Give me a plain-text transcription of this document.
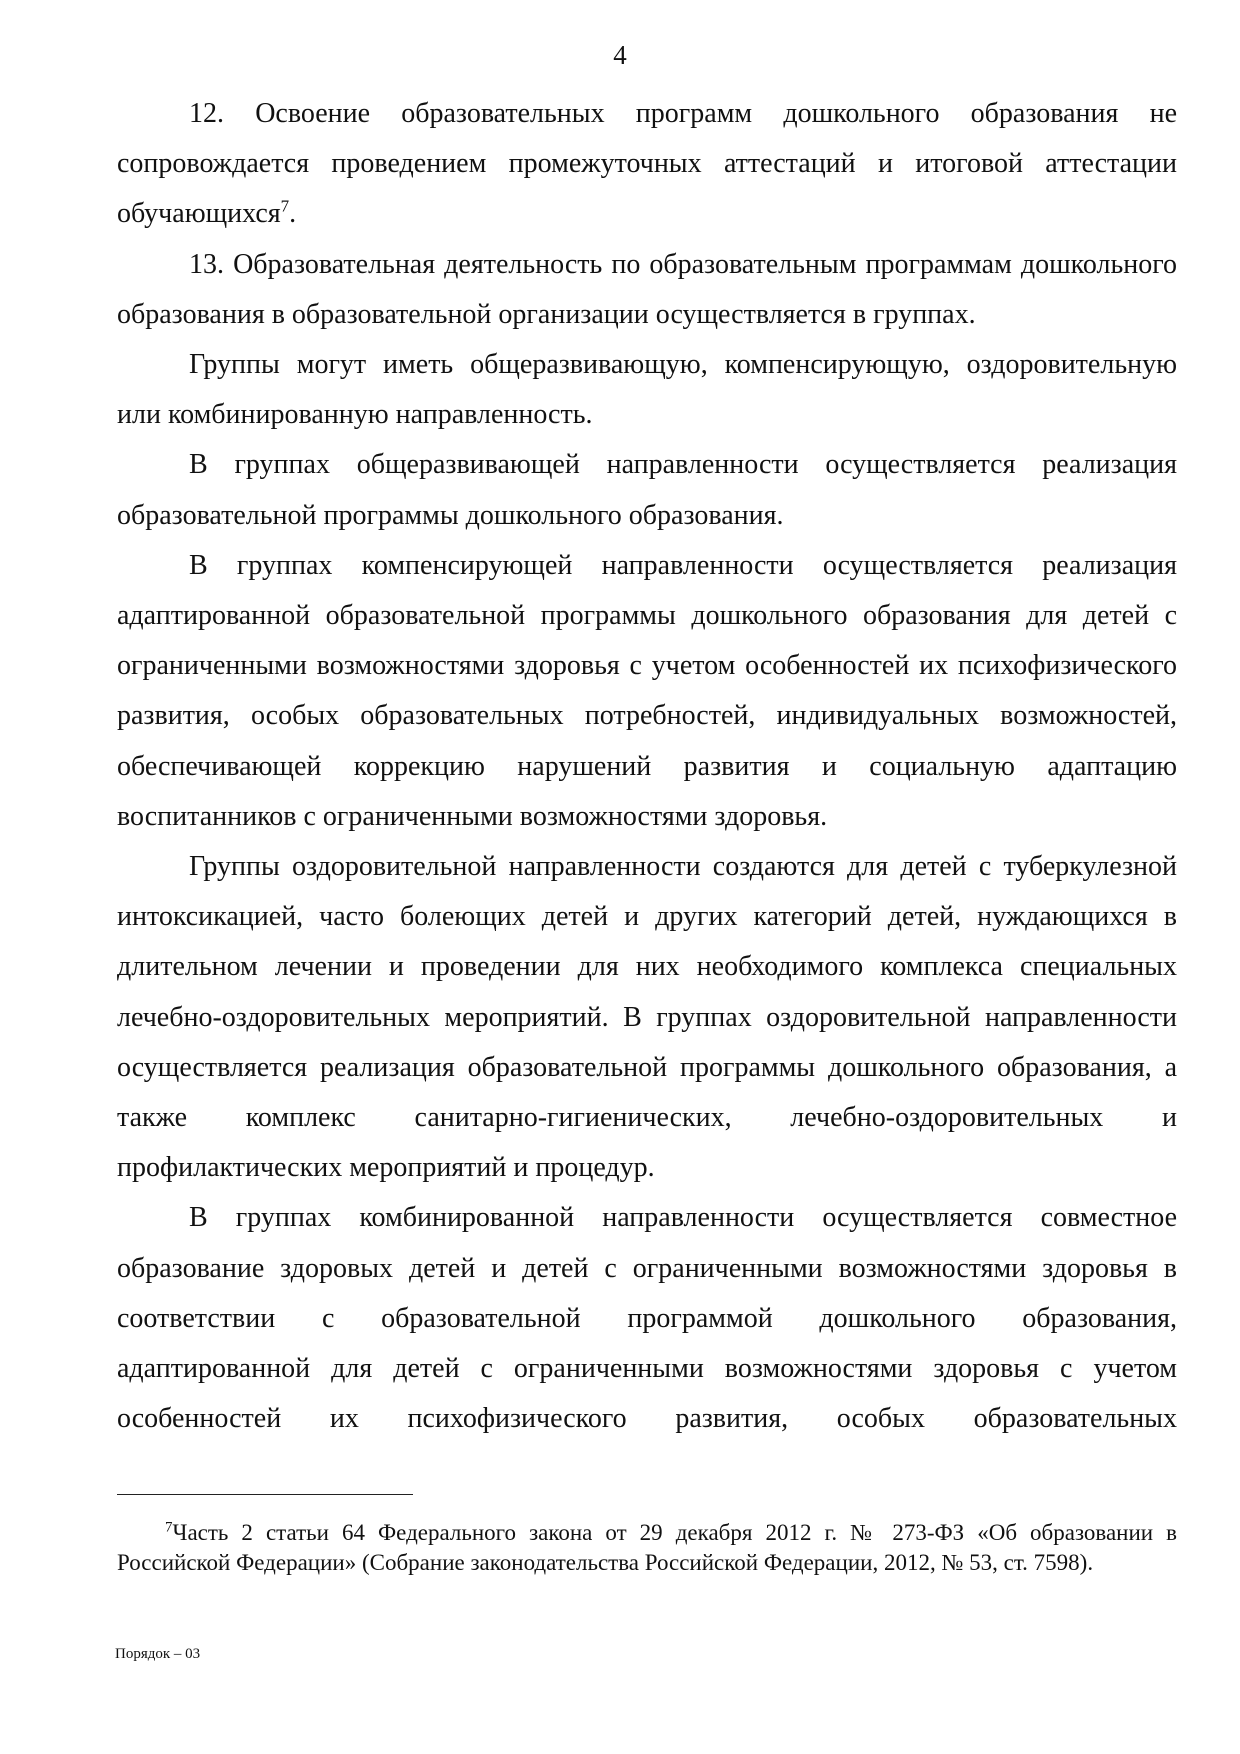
4

12. Освоение образовательных программ дошкольного образования не сопровождается проведением промежуточных аттестаций и итоговой аттестации обучающихся$^7$.

13. Образовательная деятельность по образовательным программам дошкольного образования в образовательной организации осуществляется в группах.

Группы могут иметь общеразвивающую, компенсирующую, оздоровительную или комбинированную направленность.

В группах общеразвивающей направленности осуществляется реализация образовательной программы дошкольного образования.

В группах компенсирующей направленности осуществляется реализация адаптированной образовательной программы дошкольного образования для детей с ограниченными возможностями здоровья с учетом особенностей их психофизического развития, особых образовательных потребностей, индивидуальных возможностей, обеспечивающей коррекцию нарушений развития и социальную адаптацию воспитанников с ограниченными возможностями здоровья.

Группы оздоровительной направленности создаются для детей с туберкулезной интоксикацией, часто болеющих детей и других категорий детей, нуждающихся в длительном лечении и проведении для них необходимого комплекса специальных лечебно-оздоровительных мероприятий. В группах оздоровительной направленности осуществляется реализация образовательной программы дошкольного образования, а также комплекс санитарно-гигиенических, лечебно-оздоровительных и профилактических мероприятий и процедур.

В группах комбинированной направленности осуществляется совместное образование здоровых детей и детей с ограниченными возможностями здоровья в соответствии с образовательной программой дошкольного образования, адаптированной для детей с ограниченными возможностями здоровья с учетом особенностей их психофизического развития, особых образовательных

$^7$Часть 2 статьи 64 Федерального закона от 29 декабря 2012 г. № 273-ФЗ «Об образовании в Российской Федерации» (Собрание законодательства Российской Федерации, 2012, № 53, ст. 7598).

Порядок – 03
